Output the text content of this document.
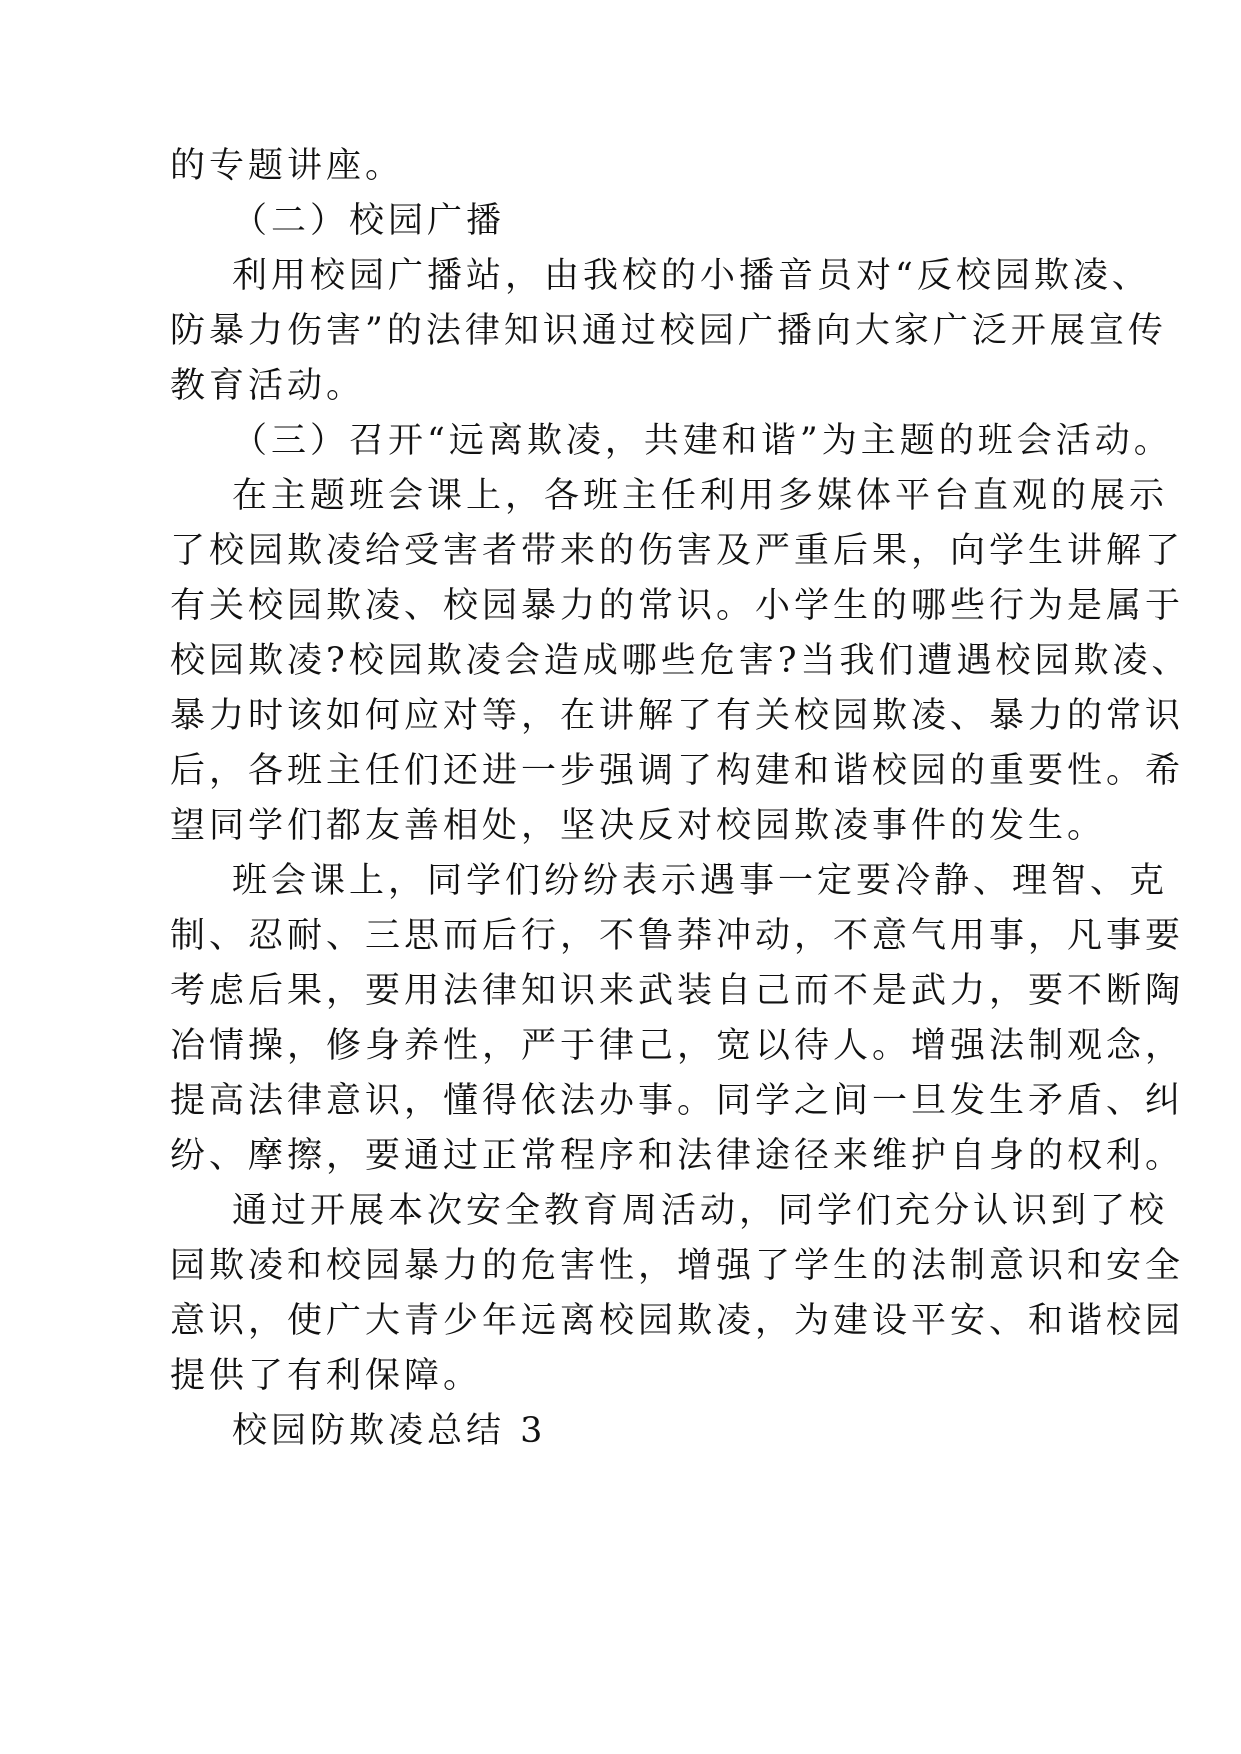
的专题讲座。
（二）校园广播
利用校园广播站，由我校的小播音员对“反校园欺凌、
防暴力伤害”的法律知识通过校园广播向大家广泛开展宣传
教育活动。
（三）召开“远离欺凌，共建和谐”为主题的班会活动。
在主题班会课上，各班主任利用多媒体平台直观的展示
了校园欺凌给受害者带来的伤害及严重后果，向学生讲解了
有关校园欺凌、校园暴力的常识。小学生的哪些行为是属于
校园欺凌?校园欺凌会造成哪些危害?当我们遭遇校园欺凌、
暴力时该如何应对等，在讲解了有关校园欺凌、暴力的常识
后，各班主任们还进一步强调了构建和谐校园的重要性。希
望同学们都友善相处，坚决反对校园欺凌事件的发生。
班会课上，同学们纷纷表示遇事一定要冷静、理智、克
制、忍耐、三思而后行，不鲁莽冲动，不意气用事，凡事要
考虑后果，要用法律知识来武装自己而不是武力，要不断陶
冶情操，修身养性，严于律己，宽以待人。增强法制观念，
提高法律意识，懂得依法办事。同学之间一旦发生矛盾、纠
纷、摩擦，要通过正常程序和法律途径来维护自身的权利。
通过开展本次安全教育周活动，同学们充分认识到了校
园欺凌和校园暴力的危害性，增强了学生的法制意识和安全
意识，使广大青少年远离校园欺凌，为建设平安、和谐校园
提供了有利保障。
校园防欺凌总结 3
